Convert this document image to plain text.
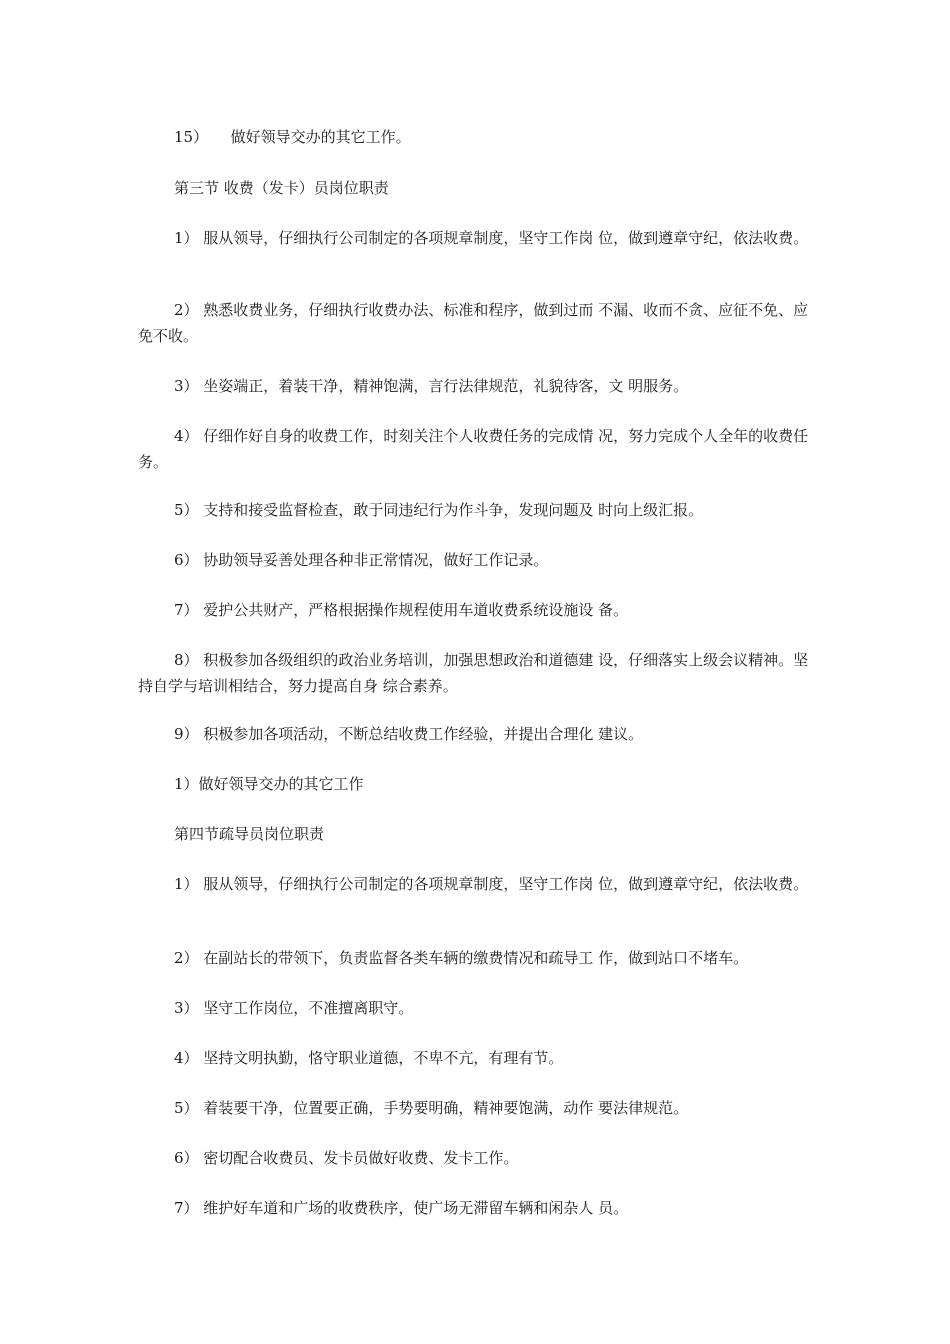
15）　　做好领导交办的其它工作。

第三节 收费（发卡）员岗位职责

1） 服从领导，仔细执行公司制定的各项规章制度，坚守工作岗 位，做到遵章守纪，依法收费。

2） 熟悉收费业务，仔细执行收费办法、标准和程序，做到过而 不漏、收而不贪、应征不免、应免不收。

3） 坐姿端正，着装干净，精神饱满，言行法律规范，礼貌待客，文 明服务。

4） 仔细作好自身的收费工作，时刻关注个人收费任务的完成情 况，努力完成个人全年的收费任务。

5） 支持和接受监督检查，敢于同违纪行为作斗争，发现问题及 时向上级汇报。

6） 协助领导妥善处理各种非正常情况，做好工作记录。

7） 爱护公共财产，严格根据操作规程使用车道收费系统设施设 备。

8） 积极参加各级组织的政治业务培训，加强思想政治和道德建 设，仔细落实上级会议精神。坚持自学与培训相结合，努力提高自身 综合素养。

9） 积极参加各项活动，不断总结收费工作经验，并提出合理化 建议。

1）做好领导交办的其它工作

第四节疏导员岗位职责

1） 服从领导，仔细执行公司制定的各项规章制度，坚守工作岗 位，做到遵章守纪，依法收费。

2） 在副站长的带领下，负责监督各类车辆的缴费情况和疏导工 作，做到站口不堵车。

3） 坚守工作岗位，不准擅离职守。

4） 坚持文明执勤，恪守职业道德，不卑不亢，有理有节。

5） 着装要干净，位置要正确，手势要明确，精神要饱满，动作 要法律规范。

6） 密切配合收费员、发卡员做好收费、发卡工作。

7） 维护好车道和广场的收费秩序，使广场无滞留车辆和闲杂人 员。
